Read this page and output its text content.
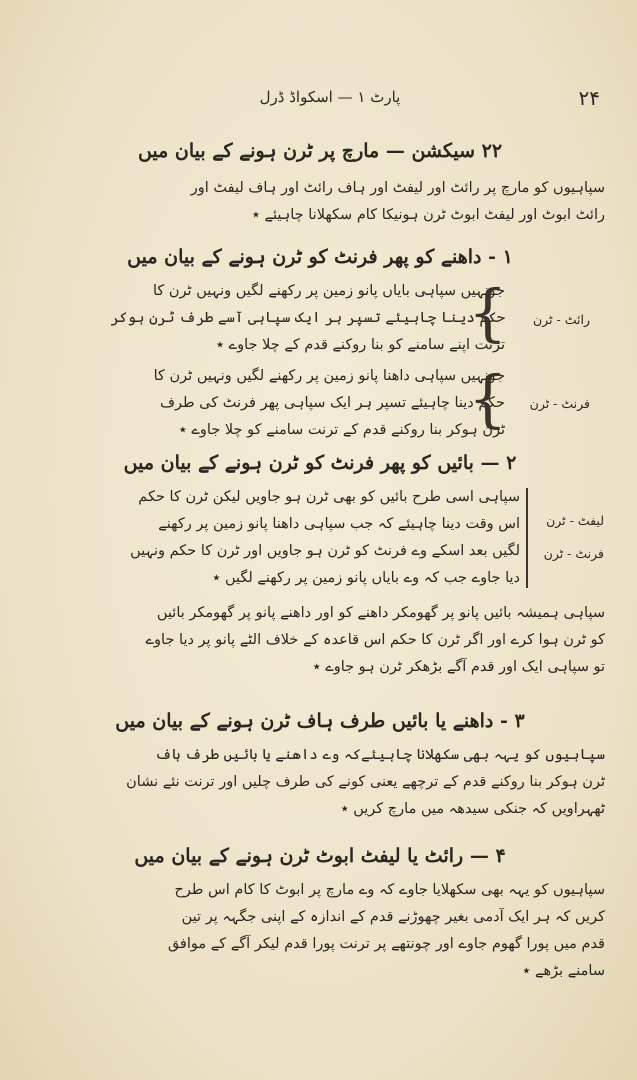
۲۴
پارٹ ۱ — اسکواڈ ڈرل
۲۲ سیکشن — مارچ پر ٹرن ہونے کے بیان میں
سپاہیوں کو مارچ پر رائٹ اور لیفٹ اور ہاف رائٹ اور ہاف لیفٹ اور
رائٹ ابوٹ اور لیفٹ ابوٹ ٹرن ہونیکا کام سکھلانا چاہیئے ٭
۱ - داھنے کو پھر فرنٹ کو ٹرن ہونے کے بیان میں
جونہیں سپاہی بایاں پانو زمین پر رکھنے لگیں ونہیں ٹرن کا
حکم دینا چاہیئے تسپر ہر ایک سپاہی آسے طرف ٹرن ہوکر
ترنت اپنے سامنے کو بنا روکنے قدم کے چلا جاوے ٭
{	رائٹ - ٹرن
جونہیں سپاہی داھنا پانو زمین پر رکھنے لگیں ونہیں ٹرن کا
حکم دینا چاہیئے تسپر ہر ایک سپاہی پھر فرنٹ کی طرف
ٹرن ہوکر بنا روکنے قدم کے ترنت سامنے کو چلا جاوے ٭
{	فرنٹ - ٹرن
۲ — بائیں کو پھر فرنٹ کو ٹرن ہونے کے بیان میں
سپاہی اسی طرح بائیں کو بھی ٹرن ہو جاویں لیکن ٹرن کا حکم
اس وقت دینا چاہیئے کہ جب سپاہی داھنا پانو زمین پر رکھنے
لگیں بعد اسکے وے فرنٹ کو ٹرن ہو جاویں اور ٹرن کا حکم ونہیں
دیا جاوے جب کہ وے بایاں پانو زمین پر رکھنے لگیں ٭
لیفٹ - ٹرن
فرنٹ - ٹرن
سپاہی ہمیشہ بائیں پانو پر گھومکر داھنے کو اور داھنے پانو پر گھومکر بائیں
کو ٹرن ہوا کرے اور اگر ٹرن کا حکم اس قاعدہ کے خلاف الٹے پانو پر دیا جاوے
تو سپاہی ایک اور قدم آگے بڑھکر ٹرن ہو جاوے ٭
۳ - داھنے یا بائیں طرف ہاف ٹرن ہونے کے بیان میں
سپاہیوں کو یہہ بھی سکھلانا چاہیئےکہ وے داھنے یا بائیں طرف ہاف
ٹرن ہوکر بنا روکنے قدم کے ترچھے یعنی کونے کی طرف چلیں اور ترنت نئے نشان
ٹھہراویں کہ جنکی سیدھہ میں مارچ کریں ٭
۴ — رائٹ یا لیفٹ ابوٹ ٹرن ہونے کے بیان میں
سپاہیوں کو یہہ بھی سکھلایا جاوے کہ وے مارچ پر ابوٹ کا کام اس طرح
کریں کہ ہر ایک آدمی بغیر چھوڑنے قدم کے اندازہ کے اپنی جگہہ پر تین
قدم میں پورا گھوم جاوے اور چونتھے پر ترنت پورا قدم لیکر آگے کے موافق
سامنے بڑھے ٭
